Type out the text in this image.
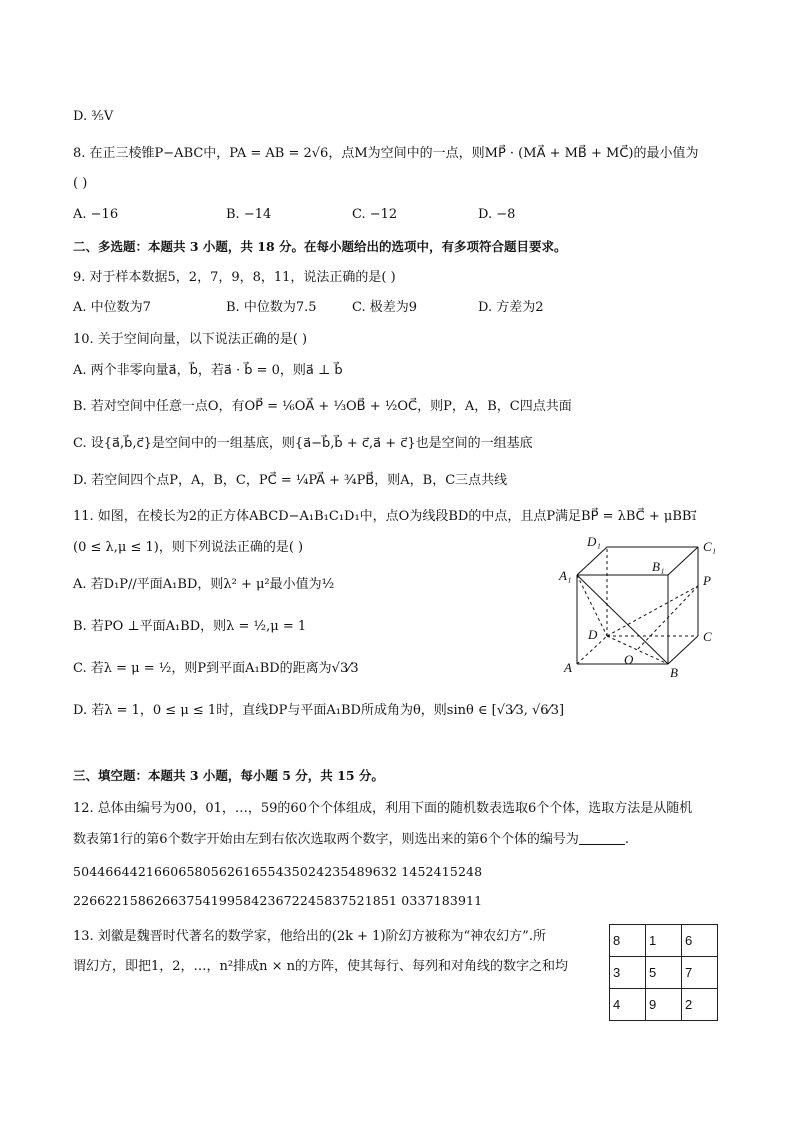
D. ³⁄₅V
8. 在正三棱锥P−ABC中，PA = AB = 2√6，点M为空间中的一点，则MP⃗ · (MA⃗ + MB⃗ + MC⃗)的最小值为
( )
A. −16	B. −14	C. −12	D. −8
二、多选题：本题共 3 小题，共 18 分。在每小题给出的选项中，有多项符合题目要求。
9. 对于样本数据5，2，7，9，8，11，说法正确的是( )
A. 中位数为7	B. 中位数为7.5	C. 极差为9	D. 方差为2
10. 关于空间向量，以下说法正确的是( )
A. 两个非零向量a⃗，b⃗，若a⃗ · b⃗ = 0，则a⃗ ⊥ b⃗
B. 若对空间中任意一点O，有OP⃗ = ¹⁄₆OA⃗ + ¹⁄₃OB⃗ + ¹⁄₂OC⃗，则P，A，B，C四点共面
C. 设{a⃗,b⃗,c⃗}是空间中的一组基底，则{a⃗−b⃗,b⃗ + c⃗,a⃗ + c⃗}也是空间的一组基底
D. 若空间四个点P，A，B，C，PC⃗ = ¹⁄₄PA⃗ + ³⁄₄PB⃗，则A，B，C三点共线
11. 如图，在棱长为2的正方体ABCD−A₁B₁C₁D₁中，点O为线段BD的中点，且点P满足BP⃗ = λBC⃗ + μBB₁⃗
(0 ≤ λ,μ ≤ 1)，则下列说法正确的是( )
A. 若D₁P//平面A₁BD，则λ² + μ²最小值为¹⁄₂
B. 若PO ⊥平面A₁BD，则λ = ¹⁄₂,μ = 1
C. 若λ = μ = ¹⁄₂，则P到平面A₁BD的距离为√3⁄3
D. 若λ = 1，0 ≤ μ ≤ 1时，直线DP与平面A₁BD所成角为θ，则sinθ ∈ [√3⁄3, √6⁄3]
D₁	C₁
B₁
A₁	P
D	C
O
A	B
三、填空题：本题共 3 小题，每小题 5 分，共 15 分。
12. 总体由编号为00，01，…，59的60个个体组成，利用下面的随机数表选取6个个体，选取方法是从随机
数表第1行的第6个数字开始由左到右依次选取两个数字，则选出来的第6个个体的编号为	.
5044664421660658056261655435024235489632 1452415248
2266221586266375419958423672245837521851 0337183911
13. 刘徽是魏晋时代著名的数学家，他给出的(2k + 1)阶幻方被称为“神农幻方”.所
谓幻方，即把1，2，…，n²排成n × n的方阵，使其每行、每列和对角线的数字之和均
8	1	6
3	5	7
4	9	2
